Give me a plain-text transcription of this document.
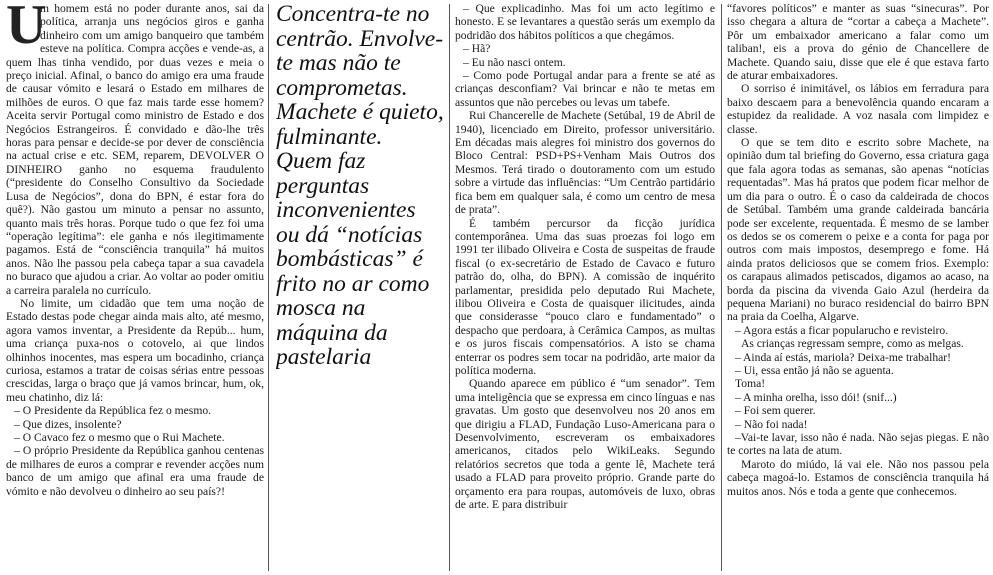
U
m homem está no poder durante anos, sai da política, arranja uns negócios giros e ganha dinheiro com um amigo banqueiro que também esteve na política. Compra acções e vende-as, a quem lhas tinha vendido, por duas vezes e meia o preço inicial. Afinal, o banco do amigo era uma fraude de causar vómito e lesará o Estado em milhares de milhões de euros. O que faz mais tarde esse homem? Aceita servir Portugal como ministro de Estado e dos Negócios Estrangeiros. É convidado e dão-lhe três horas para pensar e decide-se por dever de consciência na actual crise e etc. SEM, reparem, DEVOLVER O DINHEIRO ganho no esquema fraudulento (“presidente do Conselho Consultivo da Sociedade Lusa de Negócios”, dona do BPN, é estar fora do quê?). Não gastou um minuto a pensar no assunto, quanto mais três horas. Porque tudo o que fez foi uma “operação legítima”: ele ganha e nós ilegitimamente pagamos. Está de “consciência tranquila” há muitos anos. Não lhe passou pela cabeça tapar a sua cavadela no buraco que ajudou a criar. Ao voltar ao poder omitiu a carreira paralela no currículo.

No limite, um cidadão que tem uma noção de Estado destas pode chegar ainda mais alto, até mesmo, agora vamos inventar, a Presidente da Repúb... hum, uma criança puxa-nos o cotovelo, ai que lindos olhinhos inocentes, mas espera um bocadinho, criança curiosa, estamos a tratar de coisas sérias entre pessoas crescidas, larga o braço que já vamos brincar, hum, ok, meu chatinho, diz lá:

– O Presidente da República fez o mesmo.

– Que dizes, insolente?

– O Cavaco fez o mesmo que o Rui Machete.

– O próprio Presidente da República ganhou centenas de milhares de euros a comprar e revender acções num banco de um amigo que afinal era uma fraude de vómito e não devolveu o dinheiro ao seu país?!

Concentra-te no centrão. Envolve-te mas não te comprometas. Machete é quieto, fulminante. Quem faz perguntas inconvenientes ou dá “notícias bombásticas” é frito no ar como mosca na máquina da pastelaria

– Que explicadinho. Mas foi um acto legítimo e honesto. E se levantares a questão serás um exemplo da podridão dos hábitos políticos a que chegámos.

– Hã?

– Eu não nasci ontem.

– Como pode Portugal andar para a frente se até as crianças desconfiam? Vai brincar e não te metas em assuntos que não percebes ou levas um tabefe.

Rui Chancerelle de Machete (Setúbal, 19 de Abril de 1940), licenciado em Direito, professor universitário. Em décadas mais alegres foi ministro dos governos do Bloco Central: PSD+PS+Venham Mais Outros dos Mesmos. Terá tirado o doutoramento com um estudo sobre a virtude das influências: “Um Centrão partidário fica bem em qualquer sala, é como um centro de mesa de prata”.

É também percursor da ficção jurídica contemporânea. Uma das suas proezas foi logo em 1991 ter ilibado Oliveira e Costa de suspeitas de fraude fiscal (o ex-secretário de Estado de Cavaco e futuro patrão do, olha, do BPN). A comissão de inquérito parlamentar, presidida pelo deputado Rui Machete, ilibou Oliveira e Costa de quaisquer ilicitudes, ainda que considerasse “pouco claro e fundamentado” o despacho que perdoara, à Cerâmica Campos, as multas e os juros fiscais compensatórios. A isto se chama enterrar os podres sem tocar na podridão, arte maior da política moderna.

Quando aparece em público é “um senador”. Tem uma inteligência que se expressa em cinco línguas e nas gravatas. Um gosto que desenvolveu nos 20 anos em que dirigiu a FLAD, Fundação Luso-Americana para o Desenvolvimento, escreveram os embaixadores americanos, citados pelo WikiLeaks. Segundo relatórios secretos que toda a gente lê, Machete terá usado a FLAD para proveito próprio. Grande parte do orçamento era para roupas, automóveis de luxo, obras de arte. E para distribuir

“favores políticos” e manter as suas “sinecuras”. Por isso chegara a altura de “cortar a cabeça a Machete”. Pôr um embaixador americano a falar como um taliban!, eis a prova do génio de Chancellere de Machete. Quando saiu, disse que ele é que estava farto de aturar embaixadores.

O sorriso é inimitável, os lábios em ferradura para baixo descaem para a benevolência quando encaram a estupidez da realidade. A voz nasala com limpidez e classe.

O que se tem dito e escrito sobre Machete, na opinião dum tal briefing do Governo, essa criatura gaga que fala agora todas as semanas, são apenas “notícias requentadas”. Mas há pratos que podem ficar melhor de um dia para o outro. É o caso da caldeirada de chocos de Setúbal. Também uma grande caldeirada bancária pode ser excelente, requentada. É mesmo de se lamber os dedos se os comerem o peixe e a conta for paga por outros com mais impostos, desemprego e fome. Há ainda pratos deliciosos que se comem frios. Exemplo: os carapaus alimados petiscados, digamos ao acaso, na borda da piscina da vivenda Gaio Azul (herdeira da pequena Mariani) no buraco residencial do bairro BPN na praia da Coelha, Algarve.

– Agora estás a ficar popularucho e revisteiro.

As crianças regressam sempre, como as melgas.

– Ainda aí estás, mariola? Deixa-me trabalhar!

– Ui, essa então já não se aguenta.

Toma!

– A minha orelha, isso dói! (snif...)

– Foi sem querer.

– Não foi nada!

–Vai-te lavar, isso não é nada. Não sejas piegas. E não te cortes na lata de atum.

Maroto do miúdo, lá vai ele. Não nos passou pela cabeça magoá-lo. Estamos de consciência tranquila há muitos anos. Nós e toda a gente que conhecemos.
